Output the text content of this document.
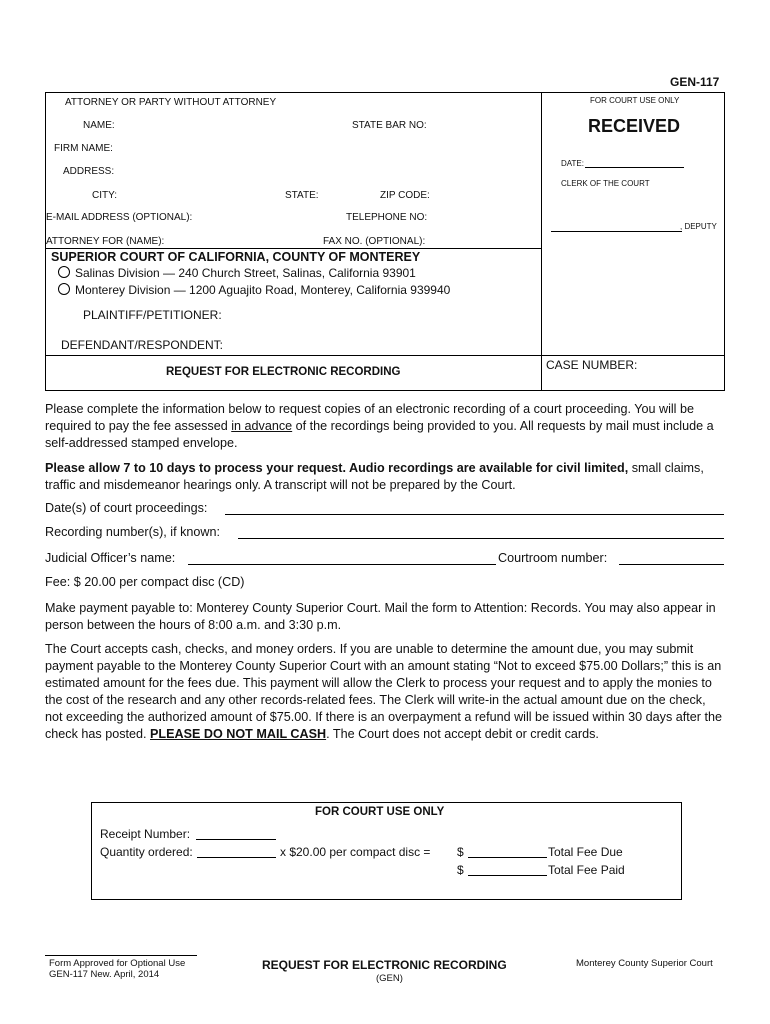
GEN-117
ATTORNEY OR PARTY WITHOUT ATTORNEY
NAME:	STATE BAR NO:
FIRM NAME:
ADDRESS:
CITY:	STATE:	ZIP CODE:
E-MAIL ADDRESS (OPTIONAL):	TELEPHONE NO:
ATTORNEY FOR (NAME):	FAX NO. (OPTIONAL):
FOR COURT USE ONLY
RECEIVED
DATE:
CLERK OF THE COURT
, DEPUTY
SUPERIOR COURT OF CALIFORNIA, COUNTY OF MONTEREY
Salinas Division — 240 Church Street, Salinas, California 93901
Monterey Division — 1200 Aguajito Road, Monterey, California 939940
PLAINTIFF/PETITIONER:
DEFENDANT/RESPONDENT:
REQUEST FOR ELECTRONIC RECORDING	CASE NUMBER:
Please complete the information below to request copies of an electronic recording of a court proceeding. You will be required to pay the fee assessed in advance of the recordings being provided to you. All requests by mail must include a self-addressed stamped envelope.
Please allow 7 to 10 days to process your request. Audio recordings are available for civil limited, small claims, traffic and misdemeanor hearings only. A transcript will not be prepared by the Court.
Date(s) of court proceedings:
Recording number(s), if known:
Judicial Officer’s name:	Courtroom number:
Fee: $ 20.00 per compact disc (CD)
Make payment payable to: Monterey County Superior Court. Mail the form to Attention: Records. You may also appear in person between the hours of 8:00 a.m. and 3:30 p.m.
The Court accepts cash, checks, and money orders. If you are unable to determine the amount due, you may submit payment payable to the Monterey County Superior Court with an amount stating “Not to exceed $75.00 Dollars;” this is an estimated amount for the fees due. This payment will allow the Clerk to process your request and to apply the monies to the cost of the research and any other records-related fees. The Clerk will write-in the actual amount due on the check, not exceeding the authorized amount of $75.00. If there is an overpayment a refund will be issued within 30 days after the check has posted. PLEASE DO NOT MAIL CASH. The Court does not accept debit or credit cards.
FOR COURT USE ONLY
Receipt Number:
Quantity ordered:	x $20.00 per compact disc = $	Total Fee Due
$	Total Fee Paid
Form Approved for Optional Use
GEN-117 New. April, 2014
REQUEST FOR ELECTRONIC RECORDING
(GEN)
Monterey County Superior Court
